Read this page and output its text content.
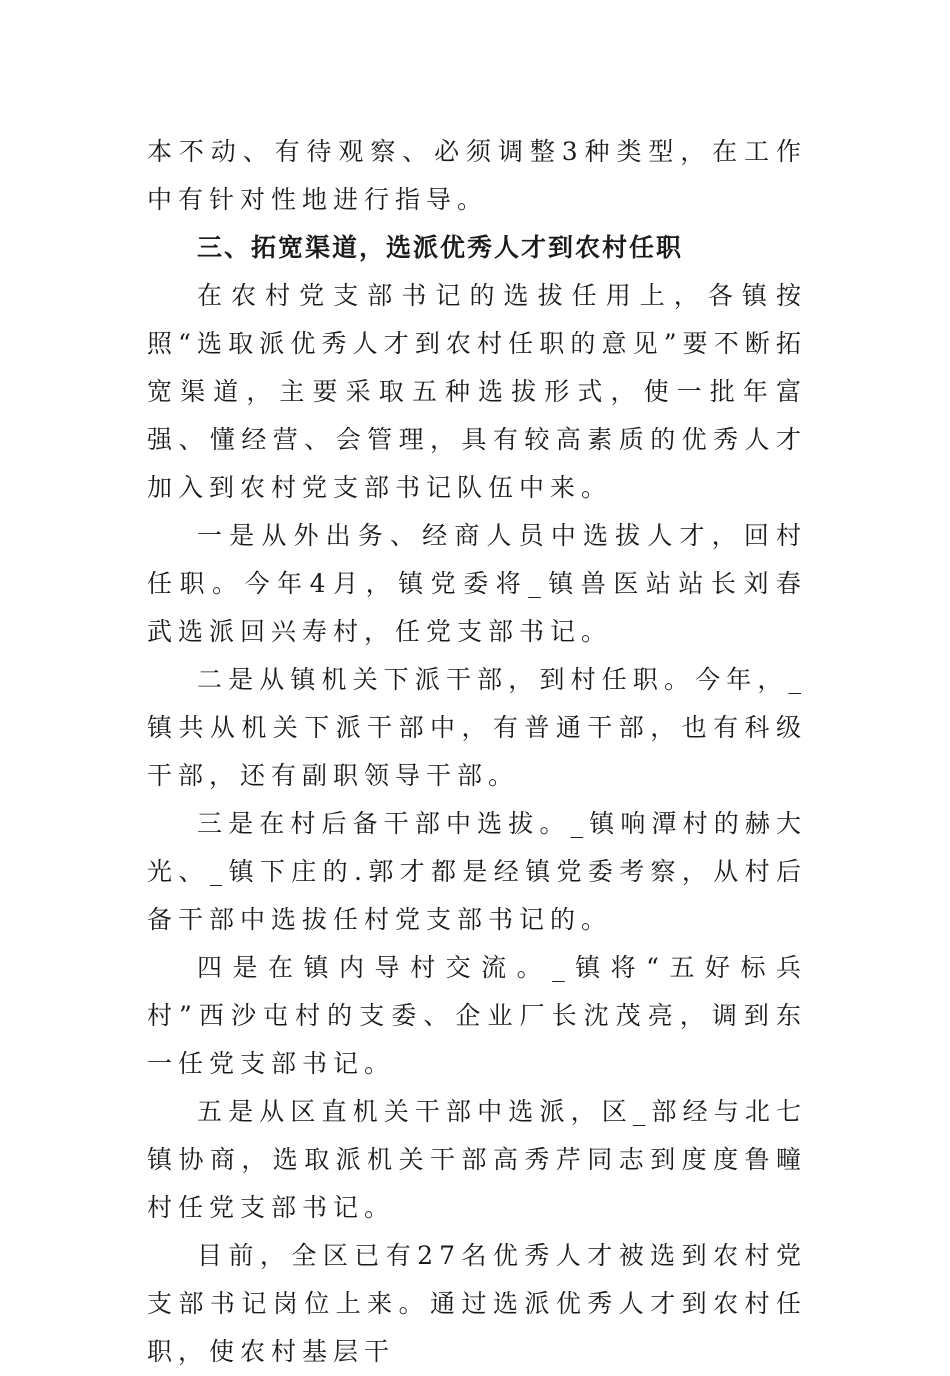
本不动、有待观察、必须调整3种类型，在工作中有针对性地进行指导。

三、拓宽渠道，选派优秀人才到农村任职

在农村党支部书记的选拔任用上，各镇按照“选取派优秀人才到农村任职的意见”要不断拓宽渠道，主要采取五种选拔形式，使一批年富强、懂经营、会管理，具有较高素质的优秀人才加入到农村党支部书记队伍中来。

一是从外出务、经商人员中选拔人才，回村任职。今年4月，镇党委将_镇兽医站站长刘春武选派回兴寿村，任党支部书记。

二是从镇机关下派干部，到村任职。今年，_镇共从机关下派干部中，有普通干部，也有科级干部，还有副职领导干部。

三是在村后备干部中选拔。_镇响潭村的赫大光、_镇下庄的.郭才都是经镇党委考察，从村后备干部中选拔任村党支部书记的。

四是在镇内导村交流。_镇将“五好标兵村”西沙屯村的支委、企业厂长沈茂亮，调到东一任党支部书记。

五是从区直机关干部中选派，区_部经与北七镇协商，选取派机关干部高秀芹同志到度度鲁疃村任党支部书记。

目前，全区已有27名优秀人才被选到农村党支部书记岗位上来。通过选派优秀人才到农村任职，使农村基层干
